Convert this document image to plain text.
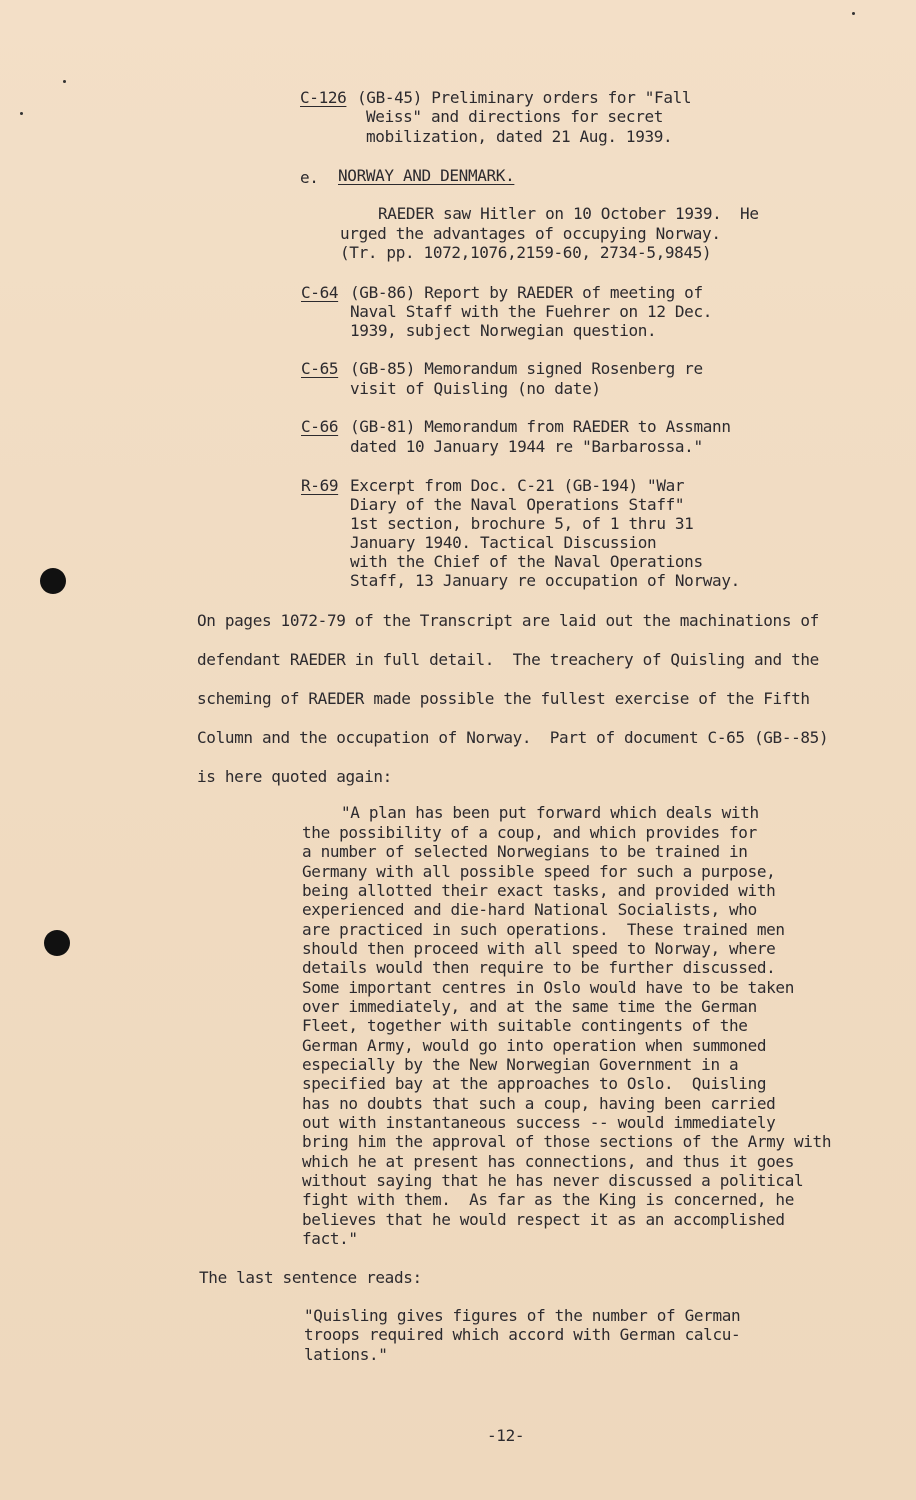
C-126 (GB-45) Preliminary orders for "Fall
Weiss" and directions for secret
mobilization, dated 21 Aug. 1939.
e. NORWAY AND DENMARK.
RAEDER saw Hitler on 10 October 1939.  He
urged the advantages of occupying Norway.
(Tr. pp. 1072,1076,2159-60, 2734-5,9845)
C-64 (GB-86) Report by RAEDER of meeting of
Naval Staff with the Fuehrer on 12 Dec.
1939, subject Norwegian question.
C-65 (GB-85) Memorandum signed Rosenberg re
visit of Quisling (no date)
C-66 (GB-81) Memorandum from RAEDER to Assmann
dated 10 January 1944 re "Barbarossa."
R-69 Excerpt from Doc. C-21 (GB-194) "War
Diary of the Naval Operations Staff"
1st section, brochure 5, of 1 thru 31
January 1940. Tactical Discussion
with the Chief of the Naval Operations
Staff, 13 January re occupation of Norway.
On pages 1072-79 of the Transcript are laid out the machinations of
defendant RAEDER in full detail.  The treachery of Quisling and the
scheming of RAEDER made possible the fullest exercise of the Fifth
Column and the occupation of Norway.  Part of document C-65 (GB--85)
is here quoted again:
"A plan has been put forward which deals with
the possibility of a coup, and which provides for
a number of selected Norwegians to be trained in
Germany with all possible speed for such a purpose,
being allotted their exact tasks, and provided with
experienced and die-hard National Socialists, who
are practiced in such operations.  These trained men
should then proceed with all speed to Norway, where
details would then require to be further discussed.
Some important centres in Oslo would have to be taken
over immediately, and at the same time the German
Fleet, together with suitable contingents of the
German Army, would go into operation when summoned
especially by the New Norwegian Government in a
specified bay at the approaches to Oslo.  Quisling
has no doubts that such a coup, having been carried
out with instantaneous success -- would immediately
bring him the approval of those sections of the Army with
which he at present has connections, and thus it goes
without saying that he has never discussed a political
fight with them.  As far as the King is concerned, he
believes that he would respect it as an accomplished
fact."
The last sentence reads:
"Quisling gives figures of the number of German
troops required which accord with German calcu-
lations."
-12-
